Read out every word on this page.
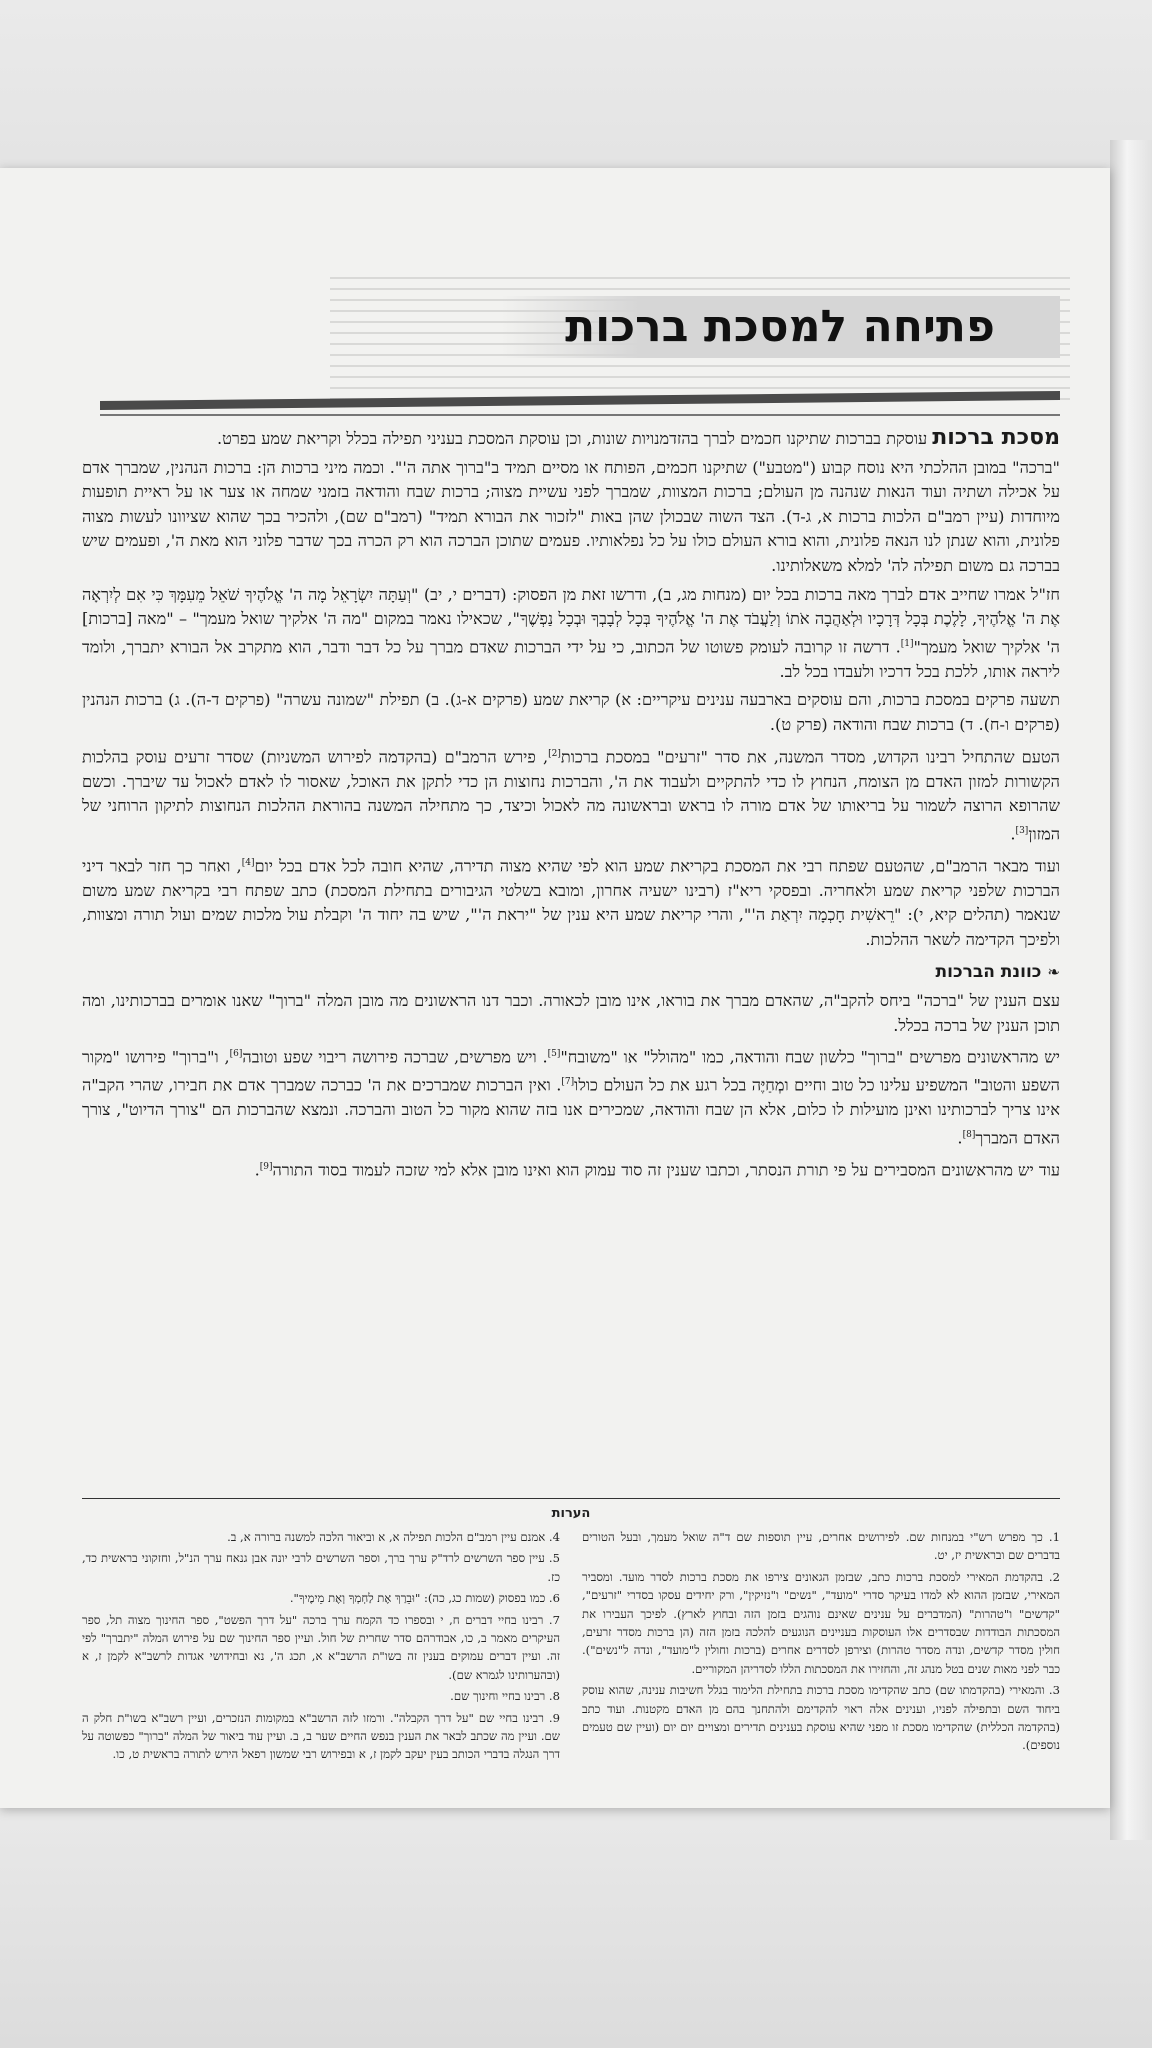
פתיחה למסכת ברכות

מסכת ברכות עוסקת בברכות שתיקנו חכמים לברך בהזדמנויות שונות, וכן עוסקת המסכת בעניני תפילה בכלל וקריאת שמע בפרט.

"ברכה" במובן ההלכתי היא נוסח קבוע ("מטבע") שתיקנו חכמים, הפותח או מסיים תמיד ב"ברוך אתה ה'". וכמה מיני ברכות הן: ברכות הנהנין, שמברך אדם על אכילה ושתיה ועוד הנאות שנהנה מן העולם; ברכות המצוות, שמברך לפני עשיית מצוה; ברכות שבח והודאה בזמני שמחה או צער או על ראיית תופעות מיוחדות (עיין רמב"ם הלכות ברכות א, ג-ד). הצד השוה שבכולן שהן באות "לזכור את הבורא תמיד" (רמב"ם שם), ולהכיר בכך שהוא שציוונו לעשות מצוה פלונית, והוא שנתן לנו הנאה פלונית, והוא בורא העולם כולו על כל נפלאותיו. פעמים שתוכן הברכה הוא רק הכרה בכך שדבר פלוני הוא מאת ה', ופעמים שיש בברכה גם משום תפילה לה' למלא משאלותינו.

חז"ל אמרו שחייב אדם לברך מאה ברכות בכל יום (מנחות מג, ב), ודרשו זאת מן הפסוק: (דברים י, יב) "וְעַתָּה יִשְׂרָאֵל מָה ה' אֱלֹהֶיךָ שֹׁאֵל מֵעִמָּךְ כִּי אִם לְיִרְאָה אֶת ה' אֱלֹהֶיךָ, לָלֶכֶת בְּכָל דְּרָכָיו וּלְאַהֲבָה אֹתוֹ וְלַעֲבֹד אֶת ה' אֱלֹהֶיךָ בְּכָל לְבָבְךָ וּבְכָל נַפְשֶׁךָ", שכאילו נאמר במקום "מה ה' אלקיך שואל מעמך" – "מאה [ברכות] ה' אלקיך שואל מעמך"[1]. דרשה זו קרובה לעומק פשוטו של הכתוב, כי על ידי הברכות שאדם מברך על כל דבר ודבר, הוא מתקרב אל הבורא יתברך, ולומד ליראה אותו, ללכת בכל דרכיו ולעבדו בכל לב.

תשעה פרקים במסכת ברכות, והם עוסקים בארבעה ענינים עיקריים: א) קריאת שמע (פרקים א-ג). ב) תפילת "שמונה עשרה" (פרקים ד-ה). ג) ברכות הנהנין (פרקים ו-ח). ד) ברכות שבח והודאה (פרק ט).

הטעם שהתחיל רבינו הקדוש, מסדר המשנה, את סדר "זרעים" במסכת ברכות[2], פירש הרמב"ם (בהקדמה לפירוש המשניות) שסדר זרעים עוסק בהלכות הקשורות למזון האדם מן הצומח, הנחוץ לו כדי להתקיים ולעבוד את ה', והברכות נחוצות הן כדי לתקן את האוכל, שאסור לו לאדם לאכול עד שיברך. וכשם שהרופא הרוצה לשמור על בריאותו של אדם מורה לו בראש ובראשונה מה לאכול וכיצד, כך מתחילה המשנה בהוראת ההלכות הנחוצות לתיקון הרוחני של המזון[3].

ועוד מבאר הרמב"ם, שהטעם שפתח רבי את המסכת בקריאת שמע הוא לפי שהיא מצוה תדירה, שהיא חובה לכל אדם בכל יום[4], ואחר כך חזר לבאר דיני הברכות שלפני קריאת שמע ולאחריה. ובפסקי ריא"ז (רבינו ישעיה אחרון, ומובא בשלטי הגיבורים בתחילת המסכת) כתב שפתח רבי בקריאת שמע משום שנאמר (תהלים קיא, י): "רֵאשִׁית חָכְמָה יִרְאַת ה'", והרי קריאת שמע היא ענין של "יראת ה'", שיש בה יחוד ה' וקבלת עול מלכות שמים ועול תורה ומצוות, ולפיכך הקדימה לשאר ההלכות.

❧כוונת הברכות

עצם הענין של "ברכה" ביחס להקב"ה, שהאדם מברך את בוראו, אינו מובן לכאורה. וכבר דנו הראשונים מה מובן המלה "ברוך" שאנו אומרים בברכותינו, ומה תוכן הענין של ברכה בכלל.

יש מהראשונים מפרשים "ברוך" כלשון שבח והודאה, כמו "מהולל" או "משובח"[5]. ויש מפרשים, שברכה פירושה ריבוי שפע וטובה[6], ו"ברוך" פירושו "מקור השפע והטוב" המשפיע עלינו כל טוב וחיים ומְחַיֶּה בכל רגע את כל העולם כולו[7]. ואין הברכות שמברכים את ה' כברכה שמברך אדם את חבירו, שהרי הקב"ה אינו צריך לברכותינו ואינן מועילות לו כלום, אלא הן שבח והודאה, שמכירים אנו בזה שהוא מקור כל הטוב והברכה. ונמצא שהברכות הם "צורך הדיוט", צורך האדם המברך[8].

עוד יש מהראשונים המסבירים על פי תורת הנסתר, וכתבו שענין זה סוד עמוק הוא ואינו מובן אלא למי שזכה לעמוד בסוד התורה[9].

הערות

1. כך מפרש רש"י במנחות שם. לפירושים אחרים, עיין תוספות שם ד"ה שואל מעמך, ובעל הטורים בדברים שם ובראשית יז, יט.

2. בהקדמת המאירי למסכת ברכות כתב, שבזמן הגאונים צירפו את מסכת ברכות לסדר מועד. ומסביר המאירי, שבזמן ההוא לא למדו בעיקר סדרי "מועד", "נשים" ו"נזיקין", ורק יחידים עסקו בסדרי "זרעים", "קדשים" ו"טהרות" (המדברים על ענינים שאינם נוהגים בזמן הזה ובחוץ לארץ). לפיכך העבירו את המסכתות הבודדות שבסדרים אלו העוסקות בעניינים הנוגעים להלכה בזמן הזה (הן ברכות מסדר זרעים, חולין מסדר קדשים, ונדה מסדר טהרות) וצירפן לסדרים אחרים (ברכות וחולין ל"מועד", ונדה ל"נשים"). כבר לפני מאות שנים בטל מנהג זה, והחזירו את המסכתות הללו לסדריהן המקוריים.

3. והמאירי (בהקדמתו שם) כתב שהקדימו מסכת ברכות בתחילת הלימוד בגלל חשיבות ענינה, שהוא עוסק ביחוד השם ובתפילה לפניו, וענינים אלה ראוי להקדימם ולהתחנך בהם מן האדם מקטנות. ועוד כתב (בהקדמה הכללית) שהקדימו מסכת זו מפני שהיא עוסקת בענינים תדירים ומצויים יום יום (ועיין שם טעמים נוספים).

4. אמנם עיין רמב"ם הלכות תפילה א, א וביאור הלכה למשנה ברורה א, ב.

5. עיין ספר השרשים לרד"ק ערך ברך, וספר השרשים לרבי יונה אבן גנאח ערך הנ"ל, וחזקוני בראשית כד, כז.

6. כמו בפסוק (שמות כג, כה): "וּבֵרַךְ אֶת לַחְמְךָ וְאֶת מֵימֶיךָ".

7. רבינו בחיי דברים ח, י ובספרו כד הקמח ערך ברכה "על דרך הפשט", ספר החינוך מצוה תל, ספר העיקרים מאמר ב, כו, אבודרהם סדר שחרית של חול. ועיין ספר החינוך שם על פירוש המלה "יתברך" לפי זה. ועיין דברים עמוקים בענין זה בשו"ת הרשב"א א, תכג ה', נא ובחידושי אגדות לרשב"א לקמן ז, א (ובהערותינו לגמרא שם).

8. רבינו בחיי וחינוך שם.

9. רבינו בחיי שם "על דרך הקבלה". ורמזו לזה הרשב"א במקומות הנזכרים, ועיין רשב"א בשו"ת חלק ה שם. ועיין מה שכתב לבאר את הענין בנפש החיים שער ב, ב. ועיין עוד ביאור של המלה "ברוך" כפשוטה על דרך הנגלה בדברי הכותב בעין יעקב לקמן ז, א ובפירוש רבי שמשון רפאל הירש לתורה בראשית ט, כו.
